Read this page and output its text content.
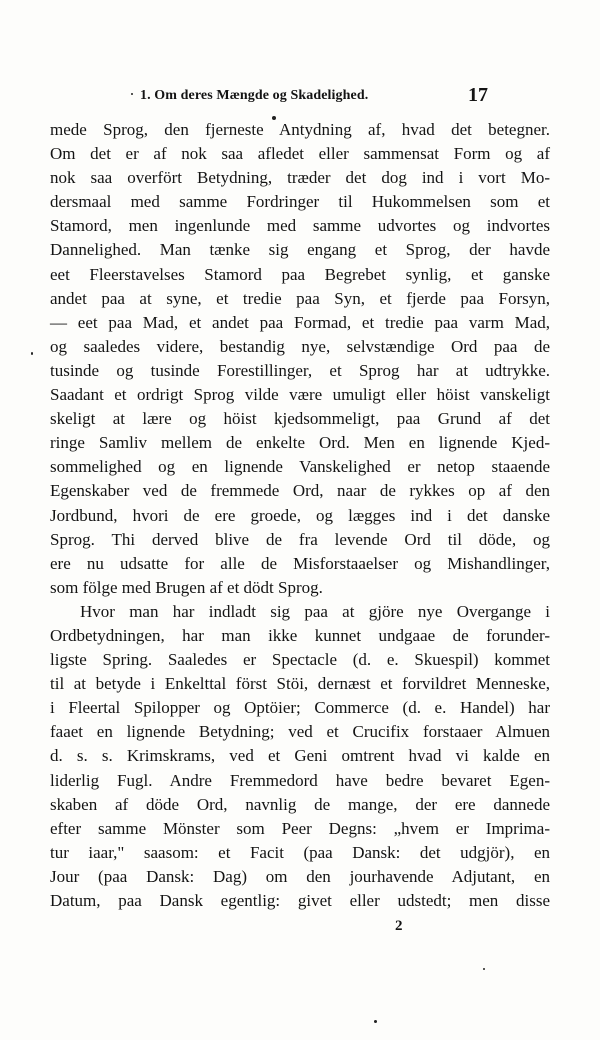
1. Om deres Mængde og Skadelighed.	17
mede Sprog, den fjerneste Antydning af, hvad det betegner.
Om det er af nok saa afledet eller sammensat Form og af
nok saa overfört Betydning, træder det dog ind i vort Mo-
dersmaal med samme Fordringer til Hukommelsen som et
Stamord, men ingenlunde med samme udvortes og indvortes
Dannelighed. Man tænke sig engang et Sprog, der havde
eet Fleerstavelses Stamord paa Begrebet synlig, et ganske
andet paa at syne, et tredie paa Syn, et fjerde paa Forsyn,
— eet paa Mad, et andet paa Formad, et tredie paa varm Mad,
og saaledes videre, bestandig nye, selvstændige Ord paa de
tusinde og tusinde Forestillinger, et Sprog har at udtrykke.
Saadant et ordrigt Sprog vilde være umuligt eller höist vanskeligt
skeligt at lære og höist kjedsommeligt, paa Grund af det
ringe Samliv mellem de enkelte Ord. Men en lignende Kjed-
sommelighed og en lignende Vanskelighed er netop staaende
Egenskaber ved de fremmede Ord, naar de rykkes op af den
Jordbund, hvori de ere groede, og lægges ind i det danske
Sprog. Thi derved blive de fra levende Ord til döde, og
ere nu udsatte for alle de Misforstaaelser og Mishandlinger,
som fölge med Brugen af et dödt Sprog.
Hvor man har indladt sig paa at gjöre nye Overgange i
Ordbetydningen, har man ikke kunnet undgaae de forunder-
ligste Spring. Saaledes er Spectacle (d. e. Skuespil) kommet
til at betyde i Enkelttal först Stöi, dernæst et forvildret Menneske,
i Fleertal Spilopper og Optöier; Commerce (d. e. Handel) har
faaet en lignende Betydning; ved et Crucifix forstaaer Almuen
d. s. s. Krimskrams, ved et Geni omtrent hvad vi kalde en
liderlig Fugl. Andre Fremmedord have bedre bevaret Egen-
skaben af döde Ord, navnlig de mange, der ere dannede
efter samme Mönster som Peer Degns: „hvem er Imprima-
tur iaar," saasom: et Facit (paa Dansk: det udgjör), en
Jour (paa Dansk: Dag) om den jourhavende Adjutant, en
Datum, paa Dansk egentlig: givet eller udstedt; men disse
2
